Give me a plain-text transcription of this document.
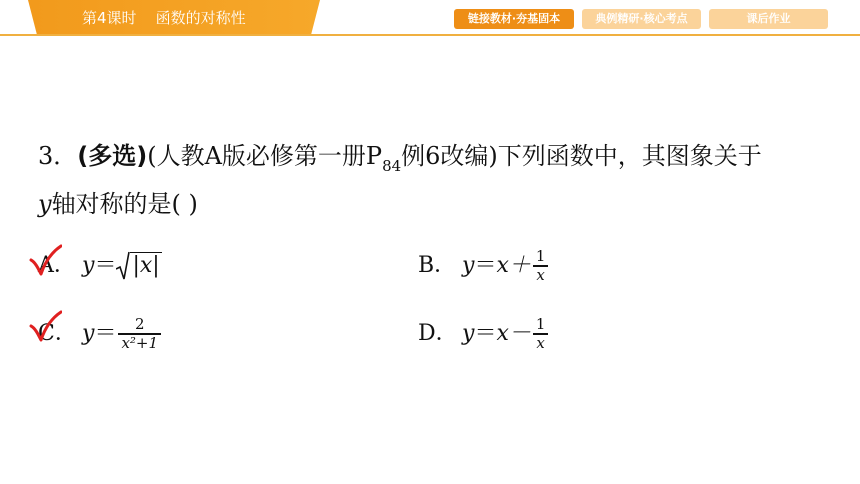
第4课时    函数的对称性	链接教材·夯基固本	典例精研·核心考点	课后作业
3．(多选)(人教A版必修第一册$P_{84}$例6改编)下列函数中，其图象关于
y轴对称的是( )
A． y＝ |x|	B． $y=x+ \frac{1}{x}$
C． $y= \frac{2}{\text{x²+1}}$	D． $y=x- \frac{1}{x}$
